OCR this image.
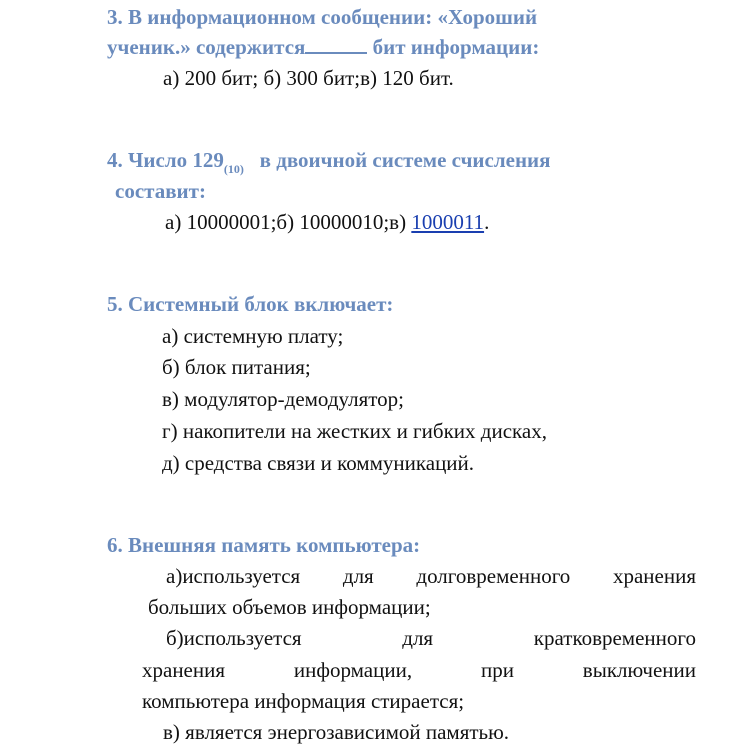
3. В информационном сообщении: «Хороший
ученик.» содержится	бит информации:
а) 200 бит; б) 300 бит;в) 120 бит.
4. Число $129_{(10)}$   в двоичной системе счисления
составит:
а) 10000001;б) 10000010;в) 1000011.
5. Системный блок включает:
а) системную плату;
б) блок питания;
в) модулятор-демодулятор;
г) накопители на жестких и гибких дисках,
д) средства связи и коммуникаций.
6. Внешняя память компьютера:
а)используется для долговременного хранения
больших объемов информации;
б)используется для кратковременного
хранения информации, при выключении
компьютера информация стирается;
в) является энергозависимой памятью.
